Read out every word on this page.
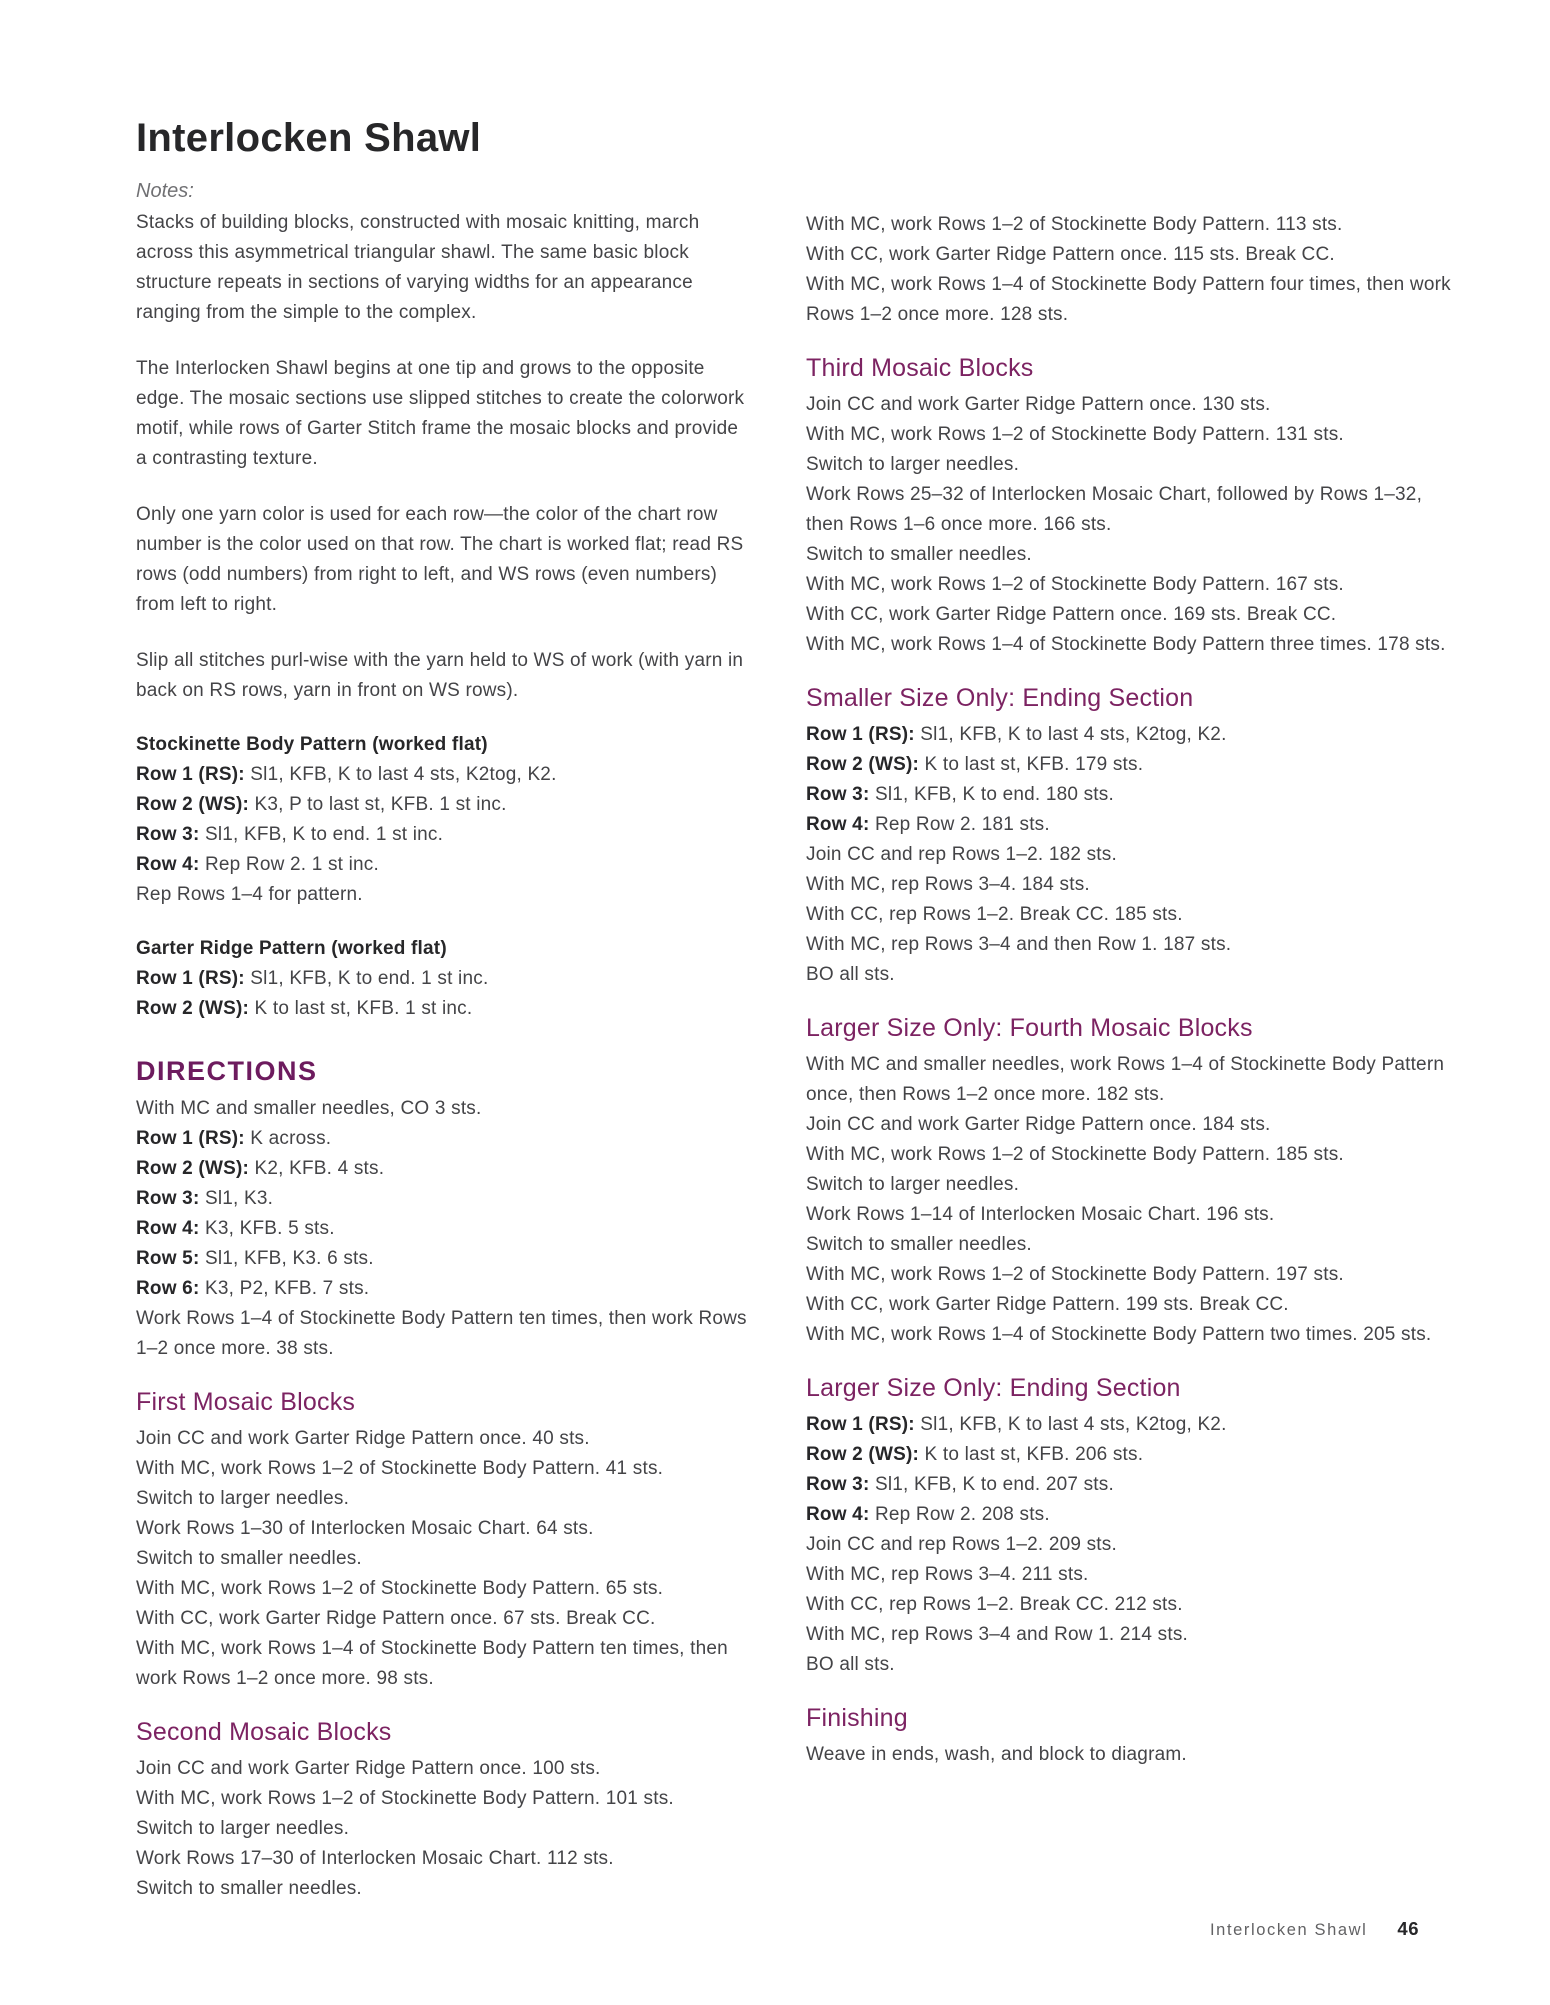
Interlocken Shawl
Notes:

Stacks of building blocks, constructed with mosaic knitting, march across this asymmetrical triangular shawl. The same basic block structure repeats in sections of varying widths for an appearance ranging from the simple to the complex.

The Interlocken Shawl begins at one tip and grows to the opposite edge. The mosaic sections use slipped stitches to create the colorwork motif, while rows of Garter Stitch frame the mosaic blocks and provide a contrasting texture.

Only one yarn color is used for each row—the color of the chart row number is the color used on that row. The chart is worked flat; read RS rows (odd numbers) from right to left, and WS rows (even numbers) from left to right.

Slip all stitches purl-wise with the yarn held to WS of work (with yarn in back on RS rows, yarn in front on WS rows).

Stockinette Body Pattern (worked flat)
Row 1 (RS): Sl1, KFB, K to last 4 sts, K2tog, K2.
Row 2 (WS): K3, P to last st, KFB. 1 st inc.
Row 3: Sl1, KFB, K to end. 1 st inc.
Row 4: Rep Row 2. 1 st inc.
Rep Rows 1–4 for pattern.
Garter Ridge Pattern (worked flat)
Row 1 (RS): Sl1, KFB, K to end. 1 st inc.
Row 2 (WS): K to last st, KFB. 1 st inc.
DIRECTIONS
With MC and smaller needles, CO 3 sts.
Row 1 (RS): K across.
Row 2 (WS): K2, KFB. 4 sts.
Row 3: Sl1, K3.
Row 4: K3, KFB. 5 sts.
Row 5: Sl1, KFB, K3. 6 sts.
Row 6: K3, P2, KFB. 7 sts.
Work Rows 1–4 of Stockinette Body Pattern ten times, then work Rows 1–2 once more. 38 sts.
First Mosaic Blocks
Join CC and work Garter Ridge Pattern once. 40 sts.
With MC, work Rows 1–2 of Stockinette Body Pattern. 41 sts.
Switch to larger needles.
Work Rows 1–30 of Interlocken Mosaic Chart. 64 sts.
Switch to smaller needles.
With MC, work Rows 1–2 of Stockinette Body Pattern. 65 sts.
With CC, work Garter Ridge Pattern once. 67 sts. Break CC.
With MC, work Rows 1–4 of Stockinette Body Pattern ten times, then work Rows 1–2 once more. 98 sts.
Second Mosaic Blocks
Join CC and work Garter Ridge Pattern once. 100 sts.
With MC, work Rows 1–2 of Stockinette Body Pattern. 101 sts.
Switch to larger needles.
Work Rows 17–30 of Interlocken Mosaic Chart. 112 sts.
Switch to smaller needles.
With MC, work Rows 1–2 of Stockinette Body Pattern. 113 sts.
With CC, work Garter Ridge Pattern once. 115 sts. Break CC.
With MC, work Rows 1–4 of Stockinette Body Pattern four times, then work Rows 1–2 once more. 128 sts.
Third Mosaic Blocks
Join CC and work Garter Ridge Pattern once. 130 sts.
With MC, work Rows 1–2 of Stockinette Body Pattern. 131 sts.
Switch to larger needles.
Work Rows 25–32 of Interlocken Mosaic Chart, followed by Rows 1–32, then Rows 1–6 once more. 166 sts.
Switch to smaller needles.
With MC, work Rows 1–2 of Stockinette Body Pattern. 167 sts.
With CC, work Garter Ridge Pattern once. 169 sts. Break CC.
With MC, work Rows 1–4 of Stockinette Body Pattern three times. 178 sts.
Smaller Size Only: Ending Section
Row 1 (RS): Sl1, KFB, K to last 4 sts, K2tog, K2.
Row 2 (WS): K to last st, KFB. 179 sts.
Row 3: Sl1, KFB, K to end. 180 sts.
Row 4: Rep Row 2. 181 sts.
Join CC and rep Rows 1–2. 182 sts.
With MC, rep Rows 3–4. 184 sts.
With CC, rep Rows 1–2. Break CC. 185 sts.
With MC, rep Rows 3–4 and then Row 1. 187 sts.
BO all sts.
Larger Size Only: Fourth Mosaic Blocks
With MC and smaller needles, work Rows 1–4 of Stockinette Body Pattern once, then Rows 1–2 once more. 182 sts.
Join CC and work Garter Ridge Pattern once. 184 sts.
With MC, work Rows 1–2 of Stockinette Body Pattern. 185 sts.
Switch to larger needles.
Work Rows 1–14 of Interlocken Mosaic Chart. 196 sts.
Switch to smaller needles.
With MC, work Rows 1–2 of Stockinette Body Pattern. 197 sts.
With CC, work Garter Ridge Pattern. 199 sts. Break CC.
With MC, work Rows 1–4 of Stockinette Body Pattern two times. 205 sts.
Larger Size Only: Ending Section
Row 1 (RS): Sl1, KFB, K to last 4 sts, K2tog, K2.
Row 2 (WS): K to last st, KFB. 206 sts.
Row 3: Sl1, KFB, K to end. 207 sts.
Row 4: Rep Row 2. 208 sts.
Join CC and rep Rows 1–2. 209 sts.
With MC, rep Rows 3–4. 211 sts.
With CC, rep Rows 1–2. Break CC. 212 sts.
With MC, rep Rows 3–4 and Row 1. 214 sts.
BO all sts.
Finishing
Weave in ends, wash, and block to diagram.
Interlocken Shawl 46
